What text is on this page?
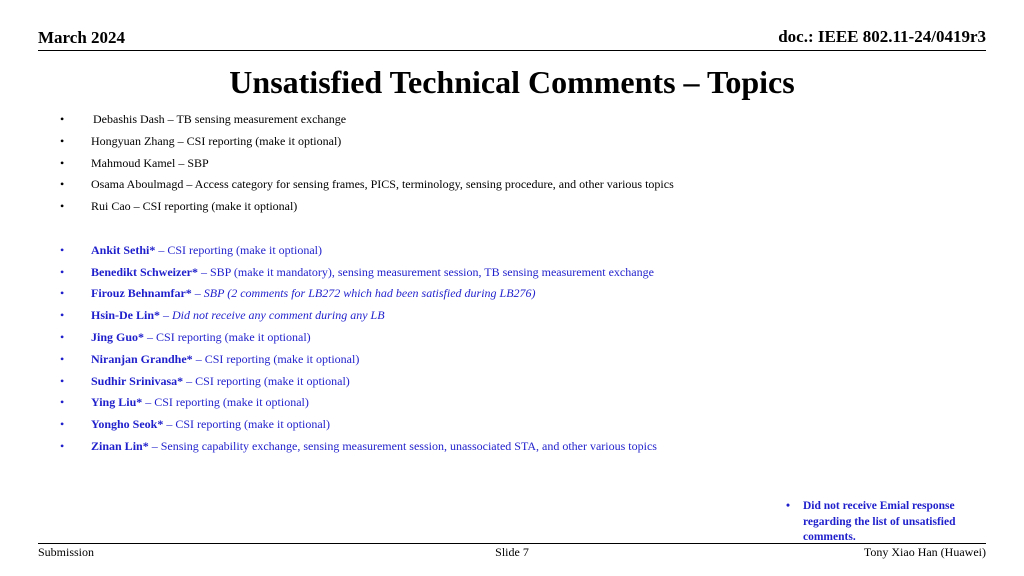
March 2024	doc.: IEEE 802.11-24/0419r3
Unsatisfied Technical Comments – Topics
• Debashis Dash – TB sensing measurement exchange
• Hongyuan Zhang – CSI reporting (make it optional)
• Mahmoud Kamel – SBP
• Osama Aboulmagd – Access category for sensing frames, PICS, terminology, sensing procedure, and other various topics
• Rui Cao – CSI reporting (make it optional)
• Ankit Sethi* – CSI reporting (make it optional)
• Benedikt Schweizer* – SBP (make it mandatory), sensing measurement session, TB sensing measurement exchange
• Firouz Behnamfar* – SBP (2 comments for LB272 which had been satisfied during LB276)
• Hsin-De Lin* – Did not receive any comment during any LB
• Jing Guo* – CSI reporting (make it optional)
• Niranjan Grandhe* – CSI reporting (make it optional)
• Sudhir Srinivasa* – CSI reporting (make it optional)
• Ying Liu* – CSI reporting (make it optional)
• Yongho Seok* – CSI reporting (make it optional)
• Zinan Lin* – Sensing capability exchange, sensing measurement session, unassociated STA, and other various topics
•	Did not receive Emial response regarding the list of unsatisfied comments.
Submission	Slide 7	Tony Xiao Han (Huawei)
